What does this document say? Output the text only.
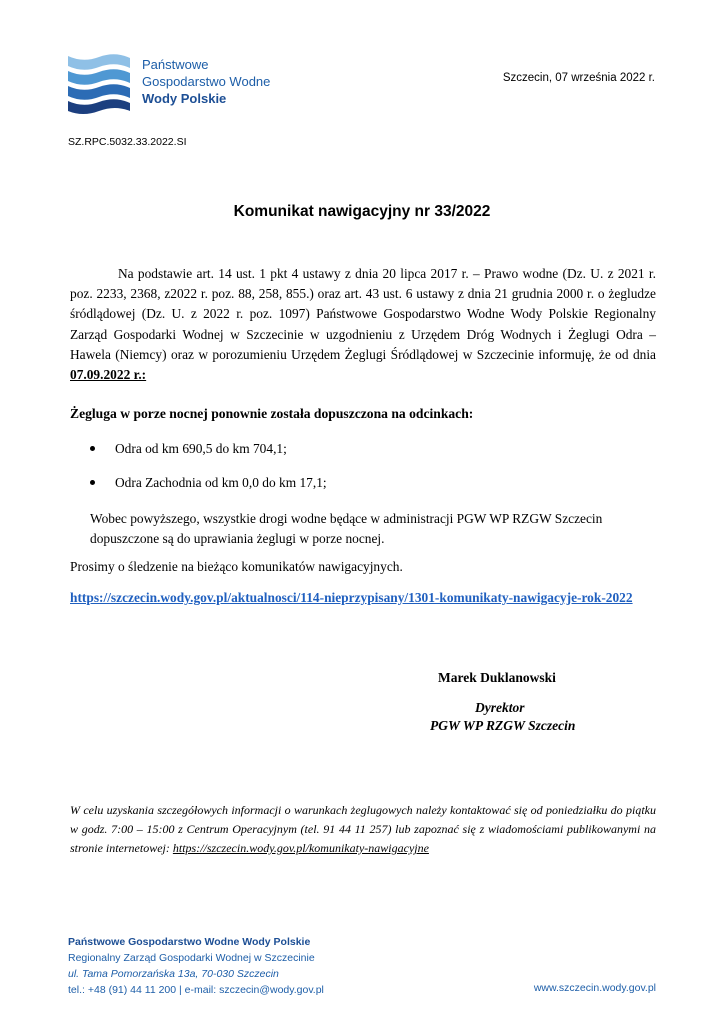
Państwowe
Gospodarstwo Wodne
Wody Polskie
Szczecin, 07 września 2022 r.
SZ.RPC.5032.33.2022.SI
Komunikat nawigacyjny nr 33/2022
Na podstawie art. 14 ust. 1 pkt 4 ustawy z dnia 20 lipca 2017 r. – Prawo wodne (Dz. U. z 2021 r. poz. 2233, 2368, z2022 r. poz. 88, 258, 855.) oraz art. 43 ust. 6 ustawy z dnia 21 grudnia 2000 r. o żegludze śródlądowej (Dz. U. z 2022 r. poz. 1097) Państwowe Gospodarstwo Wodne Wody Polskie Regionalny Zarząd Gospodarki Wodnej w Szczecinie w uzgodnieniu z Urzędem Dróg Wodnych i Żeglugi Odra – Hawela (Niemcy) oraz w porozumieniu Urzędem Żeglugi Śródlądowej w Szczecinie informuję, że od dnia 07.09.2022 r.:
Żegluga w porze nocnej ponownie została dopuszczona na odcinkach:
Odra od km 690,5 do km 704,1;
Odra Zachodnia od km 0,0 do km 17,1;
Wobec powyższego, wszystkie drogi wodne będące w administracji PGW WP RZGW Szczecin dopuszczone są do uprawiania żeglugi w porze nocnej.
Prosimy o śledzenie na bieżąco komunikatów nawigacyjnych.
https://szczecin.wody.gov.pl/aktualnosci/114-nieprzypisany/1301-komunikaty-nawigacyje-rok-2022
Marek Duklanowski
Dyrektor
PGW WP RZGW Szczecin
W celu uzyskania szczegółowych informacji o warunkach żeglugowych należy kontaktować się od poniedziałku do piątku w godz. 7:00 – 15:00 z Centrum Operacyjnym (tel. 91 44 11 257) lub zapoznać się z wiadomościami publikowanymi na stronie internetowej: https://szczecin.wody.gov.pl/komunikaty-nawigacyjne
Państwowe Gospodarstwo Wodne Wody Polskie
Regionalny Zarząd Gospodarki Wodnej w Szczecinie
ul. Tama Pomorzańska 13a, 70-030 Szczecin
tel.: +48 (91) 44 11 200 | e-mail: szczecin@wody.gov.pl	www.szczecin.wody.gov.pl
